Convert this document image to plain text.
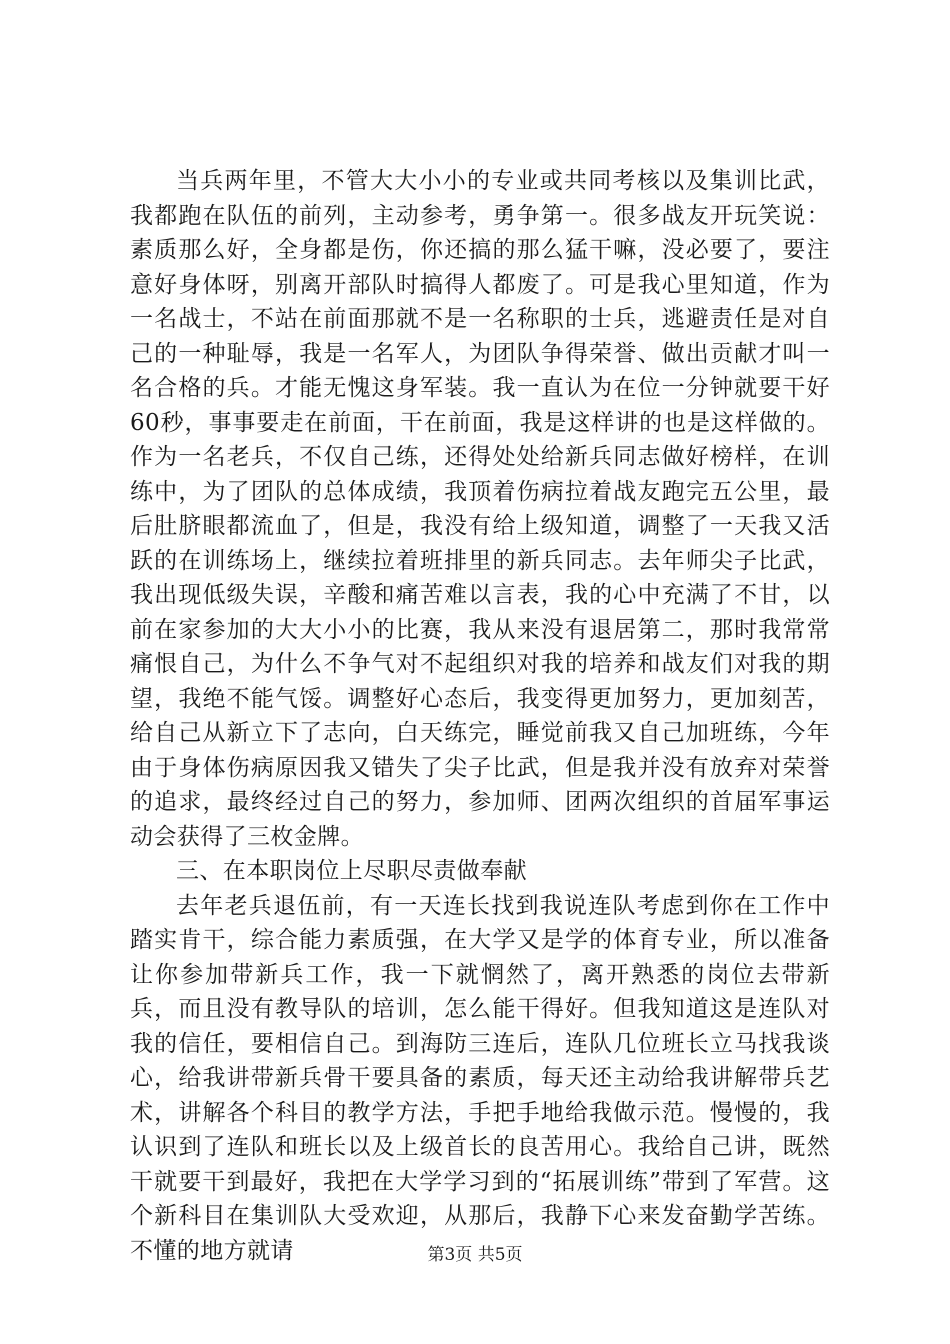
当兵两年里，不管大大小小的专业或共同考核以及集训比武，我都跑在队伍的前列，主动参考，勇争第一。很多战友开玩笑说：素质那么好，全身都是伤，你还搞的那么猛干嘛，没必要了，要注意好身体呀，别离开部队时搞得人都废了。可是我心里知道，作为一名战士，不站在前面那就不是一名称职的士兵，逃避责任是对自己的一种耻辱，我是一名军人，为团队争得荣誉、做出贡献才叫一名合格的兵。才能无愧这身军装。我一直认为在位一分钟就要干好60秒，事事要走在前面，干在前面，我是这样讲的也是这样做的。作为一名老兵，不仅自己练，还得处处给新兵同志做好榜样，在训练中，为了团队的总体成绩，我顶着伤病拉着战友跑完五公里，最后肚脐眼都流血了，但是，我没有给上级知道，调整了一天我又活跃的在训练场上，继续拉着班排里的新兵同志。去年师尖子比武，我出现低级失误，辛酸和痛苦难以言表，我的心中充满了不甘，以前在家参加的大大小小的比赛，我从来没有退居第二，那时我常常痛恨自己，为什么不争气对不起组织对我的培养和战友们对我的期望，我绝不能气馁。调整好心态后，我变得更加努力，更加刻苦，给自己从新立下了志向，白天练完，睡觉前我又自己加班练，今年由于身体伤病原因我又错失了尖子比武，但是我并没有放弃对荣誉的追求，最终经过自己的努力，参加师、团两次组织的首届军事运动会获得了三枚金牌。

三、在本职岗位上尽职尽责做奉献

去年老兵退伍前，有一天连长找到我说连队考虑到你在工作中踏实肯干，综合能力素质强，在大学又是学的体育专业，所以准备让你参加带新兵工作，我一下就惘然了，离开熟悉的岗位去带新兵，而且没有教导队的培训，怎么能干得好。但我知道这是连队对我的信任，要相信自己。到海防三连后，连队几位班长立马找我谈心，给我讲带新兵骨干要具备的素质，每天还主动给我讲解带兵艺术，讲解各个科目的教学方法，手把手地给我做示范。慢慢的，我认识到了连队和班长以及上级首长的良苦用心。我给自己讲，既然干就要干到最好，我把在大学学习到的“拓展训练”带到了军营。这个新科目在集训队大受欢迎，从那后，我静下心来发奋勤学苦练。不懂的地方就请	第3页 共5页
